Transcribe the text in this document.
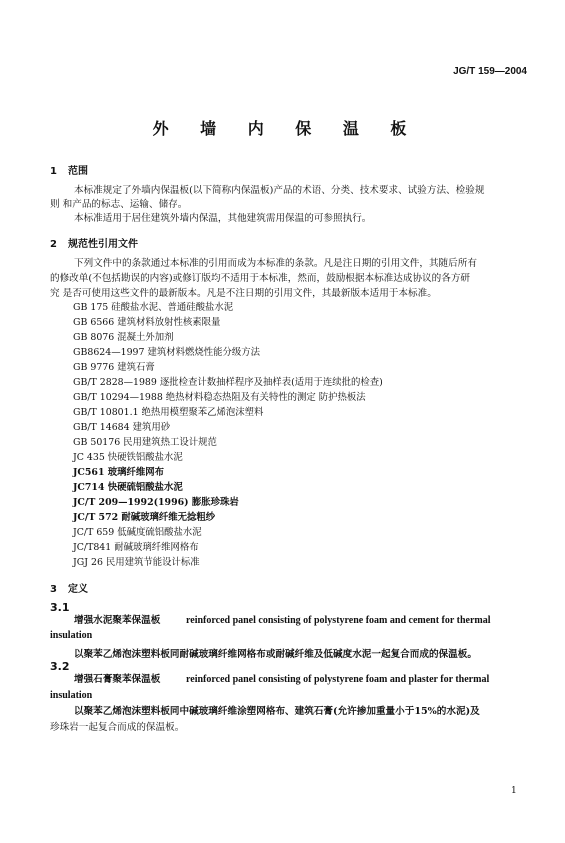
JG/T 159—2004
外 墙 内 保 温 板
1 范围
本标准规定了外墙内保温板(以下简称内保温板)产品的术语、分类、技术要求、试验方法、检验规
则 和产品的标志、运输、储存。
本标准适用于居住建筑外墙内保温，其他建筑需用保温的可参照执行。
2 规范性引用文件
下列文件中的条款通过本标准的引用而成为本标准的条款。凡是注日期的引用文件，其随后所有
的修改单(不包括勘误的内容)或修订版均不适用于本标准，然而，鼓励根据本标准达成协议的各方研
究 是否可使用这些文件的最新版本。凡是不注日期的引用文件，其最新版本适用于本标准。
GB 175 硅酸盐水泥、普通硅酸盐水泥
GB 6566 建筑材料放射性核素限量
GB 8076 混凝土外加剂
GB8624—1997 建筑材料燃烧性能分级方法
GB 9776 建筑石膏
GB/T 2828—1989 逐批检查计数抽样程序及抽样表(适用于连续批的检查)
GB/T 10294—1988 绝热材料稳态热阻及有关特性的测定 防护热板法
GB/T 10801.1 绝热用模塑聚苯乙烯泡沫塑料
GB/T 14684 建筑用砂
GB 50176 民用建筑热工设计规范
JC 435 快硬铁铝酸盐水泥
JC561 玻璃纤维网布
JC714 快硬硫铝酸盐水泥
JC/T 209—1992(1996) 膨胀珍珠岩
JC/T 572 耐碱玻璃纤维无捻粗纱
JC/T 659 低碱度硫铝酸盐水泥
JC/T841 耐碱玻璃纤维网格布
JGJ 26 民用建筑节能设计标准
3 定义
3.1
增强水泥聚苯保温板	reinforced panel consisting of polystyrene foam and cement for thermal
insulation
以聚苯乙烯泡沫塑料板同耐碱玻璃纤维网格布或耐碱纤维及低碱度水泥一起复合而成的保温板。
3.2
增强石膏聚苯保温板	reinforced panel consisting of polystyrene foam and plaster for thermal
insulation
以聚苯乙烯泡沫塑料板同中碱玻璃纤维涂塑网格布、建筑石膏(允许掺加重量小于15%的水泥)及
珍珠岩一起复合而成的保温板。
1
